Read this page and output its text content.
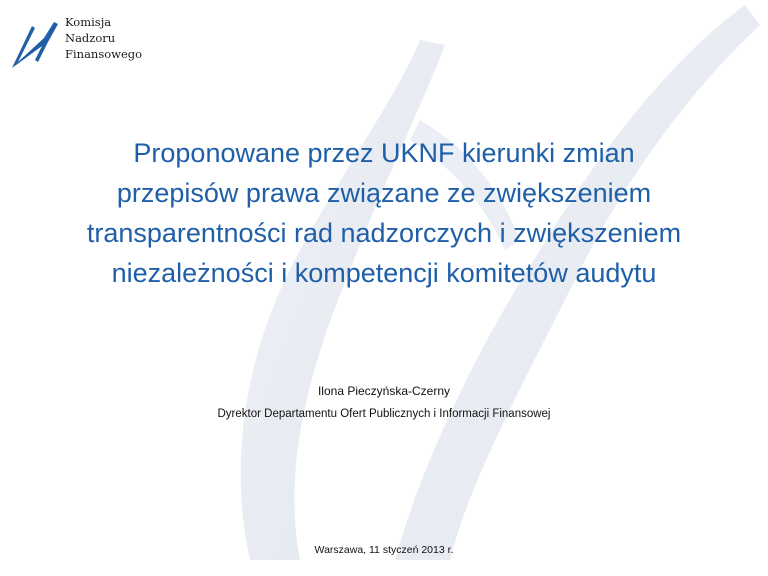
Komisja
Nadzoru
Finansowego
Proponowane przez UKNF kierunki zmian
przepisów prawa związane ze zwiększeniem
transparentności rad nadzorczych i zwiększeniem
niezależności i kompetencji komitetów audytu
Ilona Pieczyńska-Czerny
Dyrektor Departamentu Ofert Publicznych i Informacji Finansowej
Warszawa, 11 styczeń 2013 r.
